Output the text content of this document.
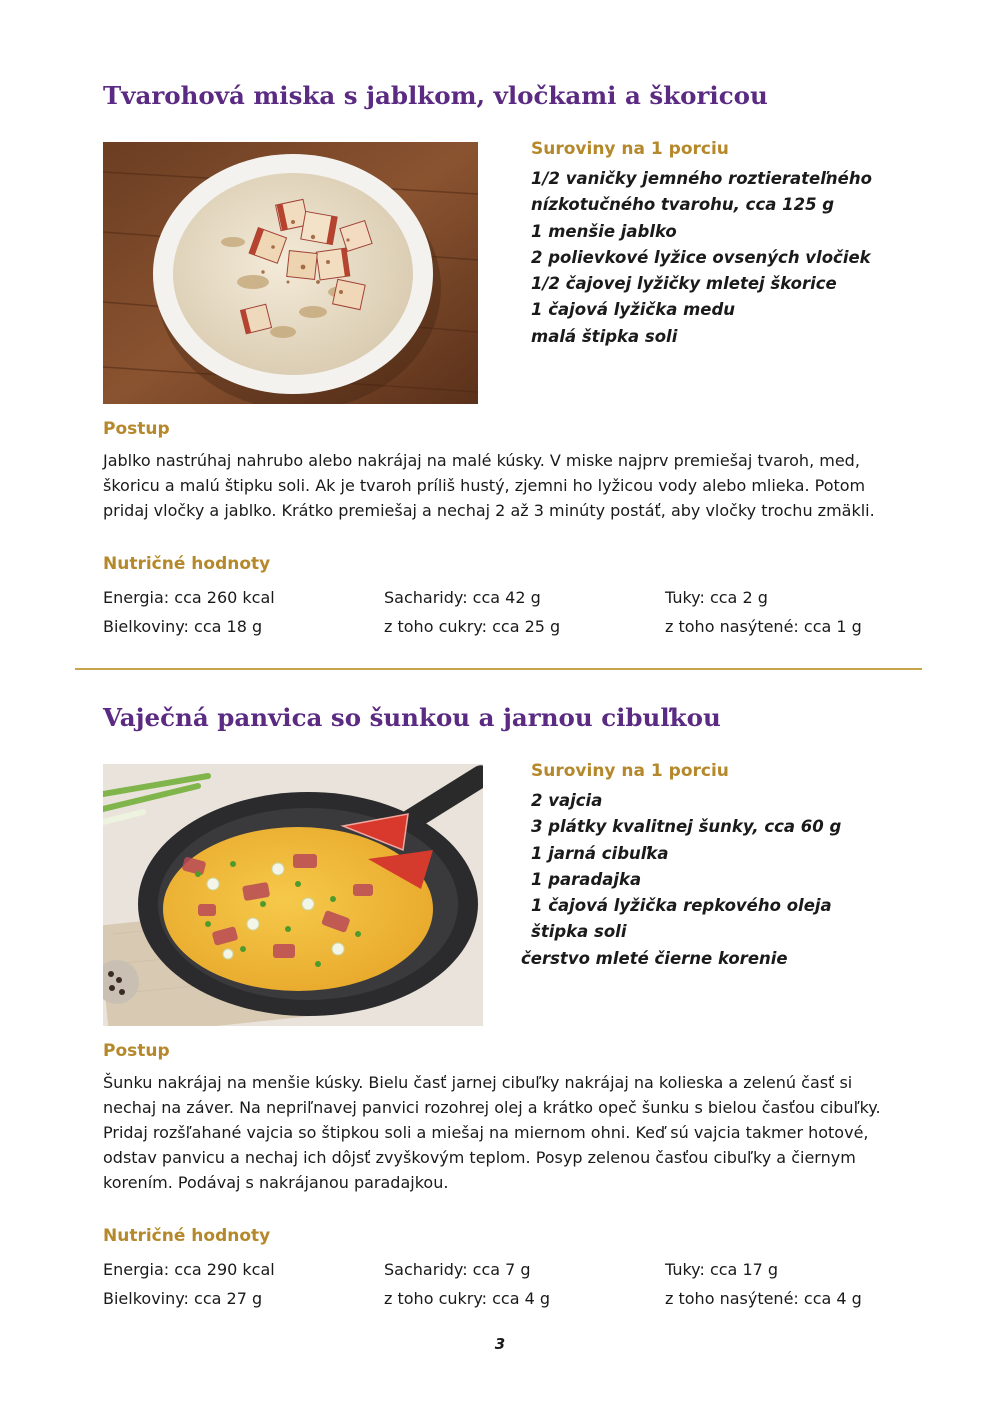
Tvarohová miska s jablkom, vločkami a škoricou
Suroviny na 1 porciu
1/2 vaničky jemného roztierateľného
nízkotučného tvarohu, cca 125 g
1 menšie jablko
2 polievkové lyžice ovsených vločiek
1/2 čajovej lyžičky mletej škorice
1 čajová lyžička medu
malá štipka soli
Postup

Jablko nastrúhaj nahrubo alebo nakrájaj na malé kúsky. V miske najprv premiešaj tvaroh, med, škoricu a malú štipku soli. Ak je tvaroh príliš hustý, zjemni ho lyžicou vody alebo mlieka. Potom pridaj vločky a jablko. Krátko premiešaj a nechaj 2 až 3 minúty postáť, aby vločky trochu zmäkli.

Nutričné hodnoty
Energia: cca 260 kcal	Sacharidy: cca 42 g	Tuky: cca 2 g
Bielkoviny: cca 18 g	z toho cukry: cca 25 g	z toho nasýtené: cca 1 g
Vaječná panvica so šunkou a jarnou cibuľkou
Suroviny na 1 porciu
2 vajcia
3 plátky kvalitnej šunky, cca 60 g
1 jarná cibuľka
1 paradajka
1 čajová lyžička repkového oleja
štipka soli
čerstvo mleté čierne korenie
Postup

Šunku nakrájaj na menšie kúsky. Bielu časť jarnej cibuľky nakrájaj na kolieska a zelenú časť si nechaj na záver. Na nepriľnavej panvici rozohrej olej a krátko opeč šunku s bielou časťou cibuľky. Pridaj rozšľahané vajcia so štipkou soli a miešaj na miernom ohni. Keď sú vajcia takmer hotové, odstav panvicu a nechaj ich dôjsť zvyškovým teplom. Posyp zelenou časťou cibuľky a čiernym korením. Podávaj s nakrájanou paradajkou.

Nutričné hodnoty
Energia: cca 290 kcal	Sacharidy: cca 7 g	Tuky: cca 17 g
Bielkoviny: cca 27 g	z toho cukry: cca 4 g	z toho nasýtené: cca 4 g
3
